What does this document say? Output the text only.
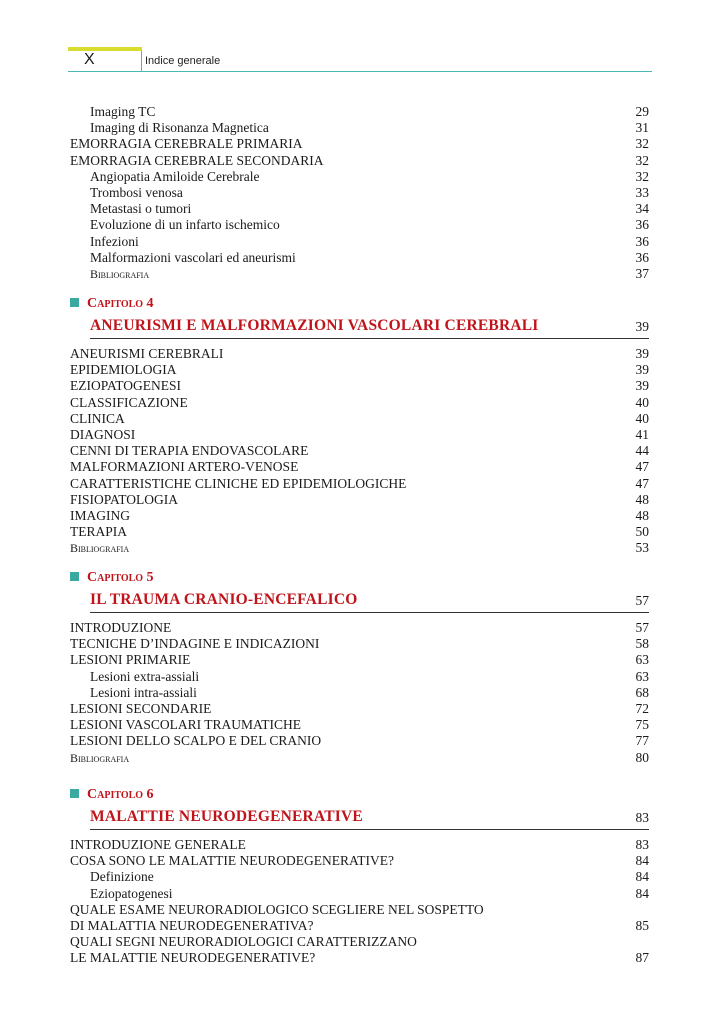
X	Indice generale
Imaging TC	29
Imaging di Risonanza Magnetica	31
EMORRAGIA CEREBRALE PRIMARIA	32
EMORRAGIA CEREBRALE SECONDARIA	32
Angiopatia Amiloide Cerebrale	32
Trombosi venosa	33
Metastasi o tumori	34
Evoluzione di un infarto ischemico	36
Infezioni	36
Malformazioni vascolari ed aneurismi	36
Bibliografia	37
Capitolo 4
ANEURISMI E MALFORMAZIONI VASCOLARI CEREBRALI	39
ANEURISMI CEREBRALI	39
EPIDEMIOLOGIA	39
EZIOPATOGENESI	39
CLASSIFICAZIONE	40
CLINICA	40
DIAGNOSI	41
CENNI DI TERAPIA ENDOVASCOLARE	44
MALFORMAZIONI ARTERO-VENOSE	47
CARATTERISTICHE CLINICHE ED EPIDEMIOLOGICHE	47
FISIOPATOLOGIA	48
IMAGING	48
TERAPIA	50
Bibliografia	53
Capitolo 5
IL TRAUMA CRANIO-ENCEFALICO	57
INTRODUZIONE	57
TECNICHE D’INDAGINE E INDICAZIONI	58
LESIONI PRIMARIE	63
Lesioni extra-assiali	63
Lesioni intra-assiali	68
LESIONI SECONDARIE	72
LESIONI VASCOLARI TRAUMATICHE	75
LESIONI DELLO SCALPO E DEL CRANIO	77
Bibliografia	80
Capitolo 6
MALATTIE NEURODEGENERATIVE	83
INTRODUZIONE GENERALE	83
COSA SONO LE MALATTIE NEURODEGENERATIVE?	84
Definizione	84
Eziopatogenesi	84
QUALE ESAME NEURORADIOLOGICO SCEGLIERE NEL SOSPETTO
DI MALATTIA NEURODEGENERATIVA?	85
QUALI SEGNI NEURORADIOLOGICI CARATTERIZZANO
LE MALATTIE NEURODEGENERATIVE?	87
